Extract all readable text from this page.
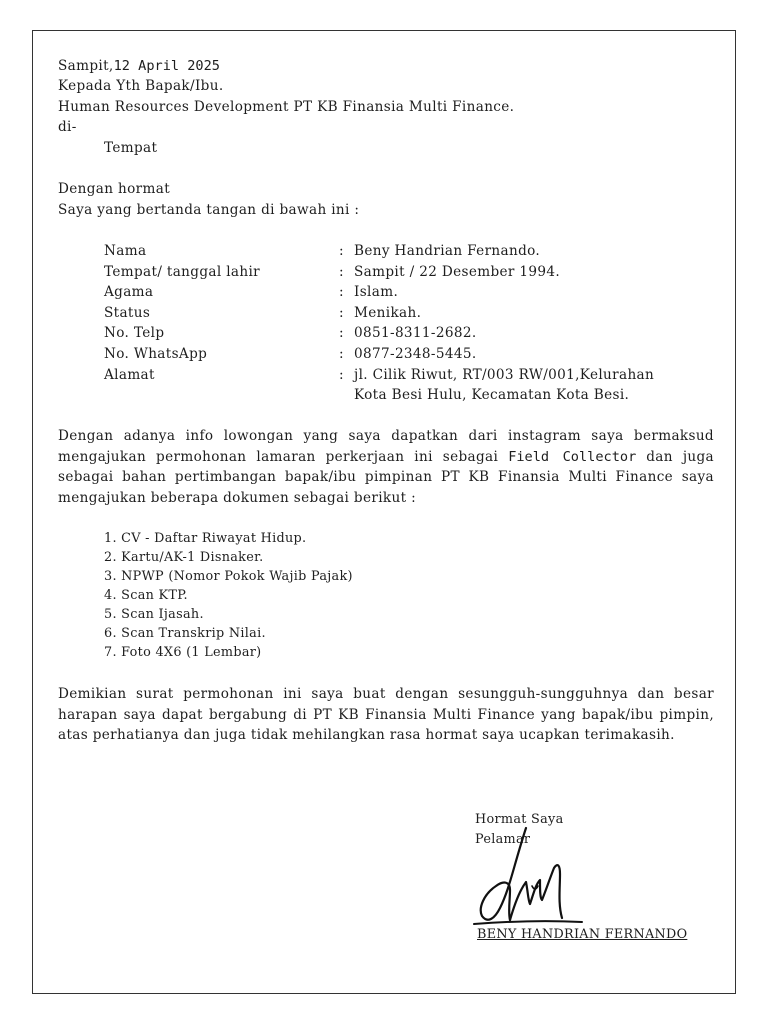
Sampit,12 April 2025
Kepada Yth Bapak/Ibu.
Human Resources Development PT KB Finansia Multi Finance.
di-
Tempat
Dengan hormat
Saya yang bertanda tangan di bawah ini :
Nama	: Beny Handrian Fernando.
Tempat/ tanggal lahir	: Sampit / 22 Desember 1994.
Agama	: Islam.
Status	: Menikah.
No. Telp	: 0851-8311-2682.
No. WhatsApp	: 0877-2348-5445.
Alamat	: jl. Cilik Riwut, RT/003 RW/001,Kelurahan
Kota Besi Hulu, Kecamatan Kota Besi.
Dengan adanya info lowongan yang saya dapatkan dari instagram saya bermaksud mengajukan permohonan lamaran perkerjaan ini sebagai Field Collector dan juga sebagai bahan pertimbangan bapak/ibu pimpinan PT KB Finansia Multi Finance saya mengajukan beberapa dokumen sebagai berikut :
1. CV - Daftar Riwayat Hidup.
2. Kartu/AK-1 Disnaker.
3. NPWP (Nomor Pokok Wajib Pajak)
4. Scan KTP.
5. Scan Ijasah.
6. Scan Transkrip Nilai.
7. Foto 4X6 (1 Lembar)
Demikian surat permohonan ini saya buat dengan sesungguh-sungguhnya dan besar harapan saya dapat bergabung di PT KB Finansia Multi Finance yang bapak/ibu pimpin, atas perhatianya dan juga tidak mehilangkan rasa hormat saya ucapkan terimakasih.
Hormat Saya
Pelamar
BENY HANDRIAN FERNANDO
